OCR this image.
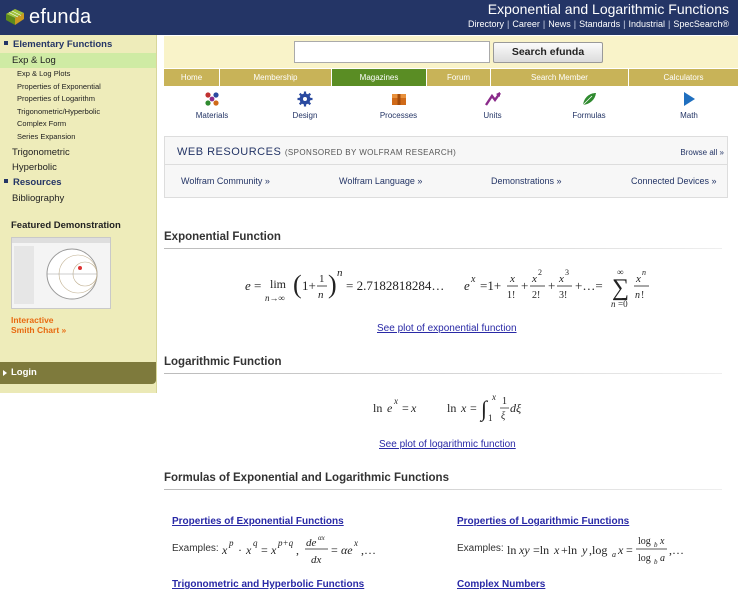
efunda	Exponential and Logarithmic Functions
Directory | Career | News | Standards | Industrial | SpecSearch®
Elementary Functions
Exp & Log
Exp & Log Plots
Properties of Exponential
Properties of Logarithm
Trigonometric/Hyperbolic
Complex Form
Series Expansion
Trigonometric
Hyperbolic
Resources
Bibliography
Featured Demonstration
Interactive
Smith Chart »
Login
Search efunda
Home	Membership	Magazines	Forum	Search Member	Calculators
Materials	Design	Processes	Units	Formulas	Math
WEB RESOURCES (SPONSORED BY WOLFRAM RESEARCH)	Browse all »
Wolfram Community »	Wolfram Language »	Demonstrations »	Connected Devices »
Exponential Function
e = lim
n→∞ ( 1+ 1
n ) n
= 2.7182818284… e x =1+ x
1!
+ x
2
2!
+ x
3
3!
+…=
∞
∑
n =0
x
n
n !
See plot of exponential function
Logarithmic Function
ln e x = x	ln x = ∫ x
1
1
ξ
dξ
See plot of logarithmic function
Formulas of Exponential and Logarithmic Functions
Properties of Exponential Functions	Properties of Logarithmic Functions
Examples: x p · x q = x p+q , de αx
dx
= αe x ,…	Examples: ln xy =ln x +ln y ,log a x =
log b x
log b a
,…
Trigonometric and Hyperbolic Functions	Complex Numbers
